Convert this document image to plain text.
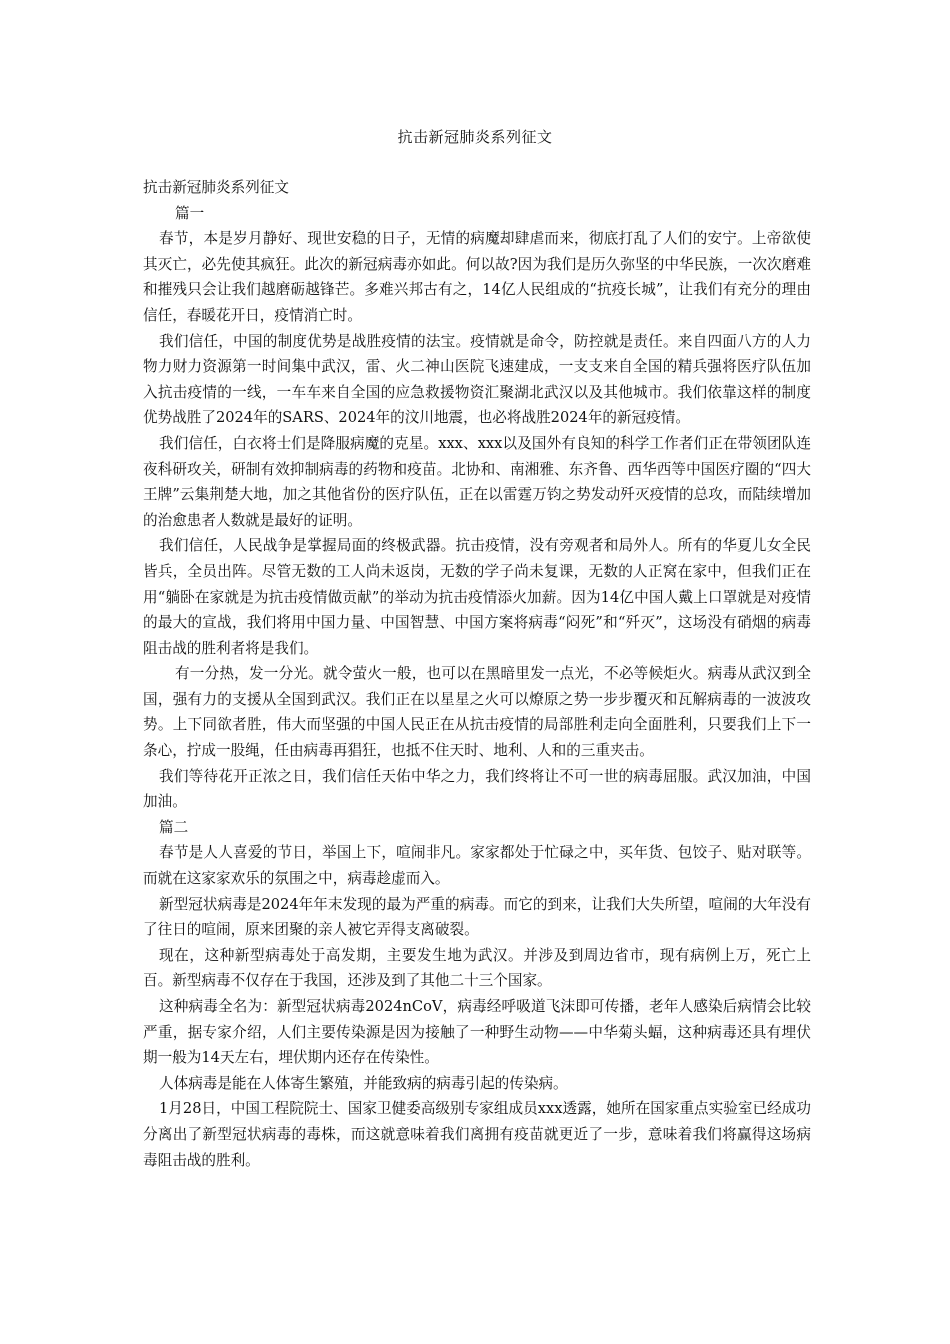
抗击新冠肺炎系列征文

抗击新冠肺炎系列征文

篇一

春节，本是岁月静好、现世安稳的日子，无情的病魔却肆虐而来，彻底打乱了人们的安宁。上帝欲使其灭亡，必先使其疯狂。此次的新冠病毒亦如此。何以故?因为我们是历久弥坚的中华民族，一次次磨难和摧残只会让我们越磨砺越锋芒。多难兴邦古有之，14亿人民组成的“抗疫长城”，让我们有充分的理由信任，春暖花开日，疫情消亡时。

我们信任，中国的制度优势是战胜疫情的法宝。疫情就是命令，防控就是责任。来自四面八方的人力物力财力资源第一时间集中武汉，雷、火二神山医院飞速建成，一支支来自全国的精兵强将医疗队伍加入抗击疫情的一线，一车车来自全国的应急救援物资汇聚湖北武汉以及其他城市。我们依靠这样的制度优势战胜了2024年的SARS、2024年的汶川地震，也必将战胜2024年的新冠疫情。

我们信任，白衣将士们是降服病魔的克星。xxx、xxx以及国外有良知的科学工作者们正在带领团队连夜科研攻关，研制有效抑制病毒的药物和疫苗。北协和、南湘雅、东齐鲁、西华西等中国医疗圈的“四大王牌”云集荆楚大地，加之其他省份的医疗队伍，正在以雷霆万钧之势发动歼灭疫情的总攻，而陆续增加的治愈患者人数就是最好的证明。

我们信任，人民战争是掌握局面的终极武器。抗击疫情，没有旁观者和局外人。所有的华夏儿女全民皆兵，全员出阵。尽管无数的工人尚未返岗，无数的学子尚未复课，无数的人正窝在家中，但我们正在用“躺卧在家就是为抗击疫情做贡献”的举动为抗击疫情添火加薪。因为14亿中国人戴上口罩就是对疫情的最大的宣战，我们将用中国力量、中国智慧、中国方案将病毒“闷死”和“歼灭”，这场没有硝烟的病毒阻击战的胜利者将是我们。

有一分热，发一分光。就令萤火一般，也可以在黑暗里发一点光，不必等候炬火。病毒从武汉到全国，强有力的支援从全国到武汉。我们正在以星星之火可以燎原之势一步步覆灭和瓦解病毒的一波波攻势。上下同欲者胜，伟大而坚强的中国人民正在从抗击疫情的局部胜利走向全面胜利，只要我们上下一条心，拧成一股绳，任由病毒再猖狂，也抵不住天时、地利、人和的三重夹击。

我们等待花开正浓之日，我们信任天佑中华之力，我们终将让不可一世的病毒屈服。武汉加油，中国加油。

篇二

春节是人人喜爱的节日，举国上下，喧闹非凡。家家都处于忙碌之中，买年货、包饺子、贴对联等。而就在这家家欢乐的氛围之中，病毒趁虚而入。

新型冠状病毒是2024年年末发现的最为严重的病毒。而它的到来，让我们大失所望，喧闹的大年没有了往日的喧闹，原来团聚的亲人被它弄得支离破裂。

现在，这种新型病毒处于高发期，主要发生地为武汉。并涉及到周边省市，现有病例上万，死亡上百。新型病毒不仅存在于我国，还涉及到了其他二十三个国家。

这种病毒全名为：新型冠状病毒2024nCoV，病毒经呼吸道飞沫即可传播，老年人感染后病情会比较严重，据专家介绍，人们主要传染源是因为接触了一种野生动物——中华菊头蝠，这种病毒还具有埋伏期一般为14天左右，埋伏期内还存在传染性。

人体病毒是能在人体寄生繁殖，并能致病的病毒引起的传染病。

1月28日，中国工程院院士、国家卫健委高级别专家组成员xxx透露，她所在国家重点实验室已经成功分离出了新型冠状病毒的毒株，而这就意味着我们离拥有疫苗就更近了一步，意味着我们将赢得这场病毒阻击战的胜利。
